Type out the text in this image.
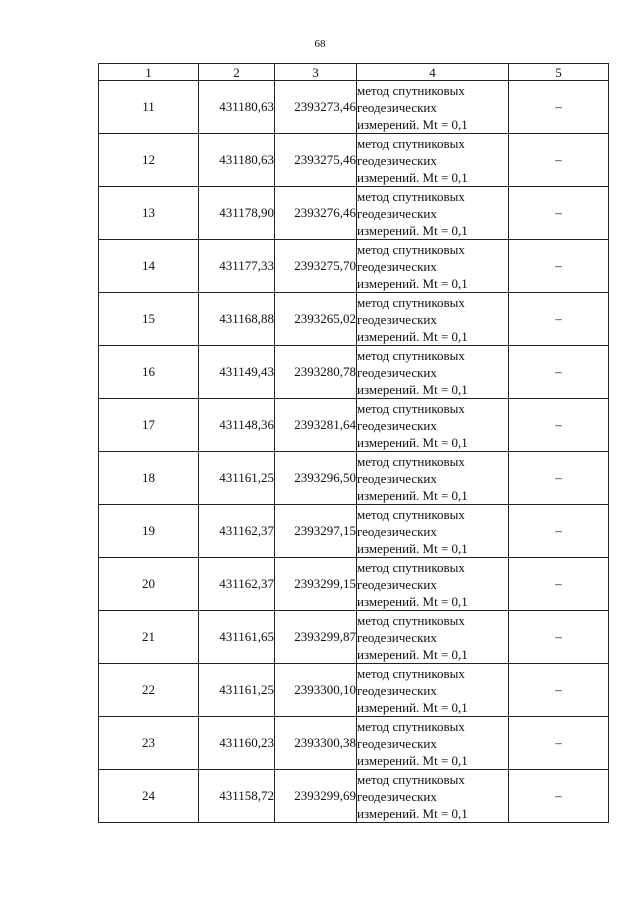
68
1	2	3	4	5
11	431180,63	2393273,46	метод спутниковых
геодезических
измерений. Mt = 0,1	–
12	431180,63	2393275,46	метод спутниковых
геодезических
измерений. Mt = 0,1	–
13	431178,90	2393276,46	метод спутниковых
геодезических
измерений. Mt = 0,1	–
14	431177,33	2393275,70	метод спутниковых
геодезических
измерений. Mt = 0,1	–
15	431168,88	2393265,02	метод спутниковых
геодезических
измерений. Mt = 0,1	–
16	431149,43	2393280,78	метод спутниковых
геодезических
измерений. Mt = 0,1	–
17	431148,36	2393281,64	метод спутниковых
геодезических
измерений. Mt = 0,1	–
18	431161,25	2393296,50	метод спутниковых
геодезических
измерений. Mt = 0,1	–
19	431162,37	2393297,15	метод спутниковых
геодезических
измерений. Mt = 0,1	–
20	431162,37	2393299,15	метод спутниковых
геодезических
измерений. Mt = 0,1	–
21	431161,65	2393299,87	метод спутниковых
геодезических
измерений. Mt = 0,1	–
22	431161,25	2393300,10	метод спутниковых
геодезических
измерений. Mt = 0,1	–
23	431160,23	2393300,38	метод спутниковых
геодезических
измерений. Mt = 0,1	–
24	431158,72	2393299,69	метод спутниковых
геодезических
измерений. Mt = 0,1	–
